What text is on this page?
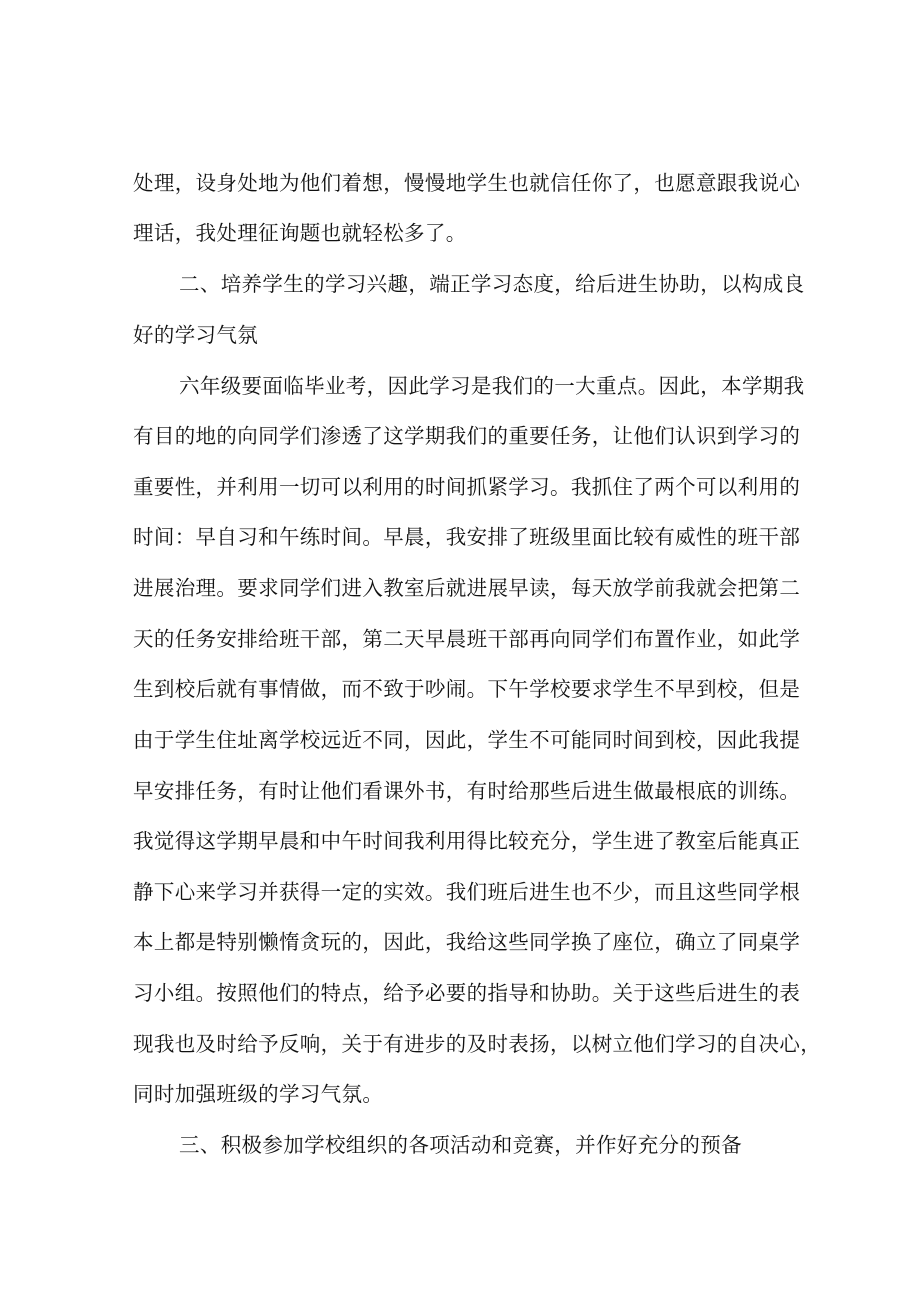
处理，设身处地为他们着想，慢慢地学生也就信任你了，也愿意跟我说心
理话，我处理征询题也就轻松多了。
二、培养学生的学习兴趣，端正学习态度，给后进生协助，以构成良
好的学习气氛
六年级要面临毕业考，因此学习是我们的一大重点。因此，本学期我
有目的地的向同学们渗透了这学期我们的重要任务，让他们认识到学习的
重要性，并利用一切可以利用的时间抓紧学习。我抓住了两个可以利用的
时间：早自习和午练时间。早晨，我安排了班级里面比较有威性的班干部
进展治理。要求同学们进入教室后就进展早读，每天放学前我就会把第二
天的任务安排给班干部，第二天早晨班干部再向同学们布置作业，如此学
生到校后就有事情做，而不致于吵闹。下午学校要求学生不早到校，但是
由于学生住址离学校远近不同，因此，学生不可能同时间到校，因此我提
早安排任务，有时让他们看课外书，有时给那些后进生做最根底的训练。
我觉得这学期早晨和中午时间我利用得比较充分，学生进了教室后能真正
静下心来学习并获得一定的实效。我们班后进生也不少，而且这些同学根
本上都是特别懒惰贪玩的，因此，我给这些同学换了座位，确立了同桌学
习小组。按照他们的特点，给予必要的指导和协助。关于这些后进生的表
现我也及时给予反响，关于有进步的及时表扬，以树立他们学习的自决心，
同时加强班级的学习气氛。
三、积极参加学校组织的各项活动和竞赛，并作好充分的预备
